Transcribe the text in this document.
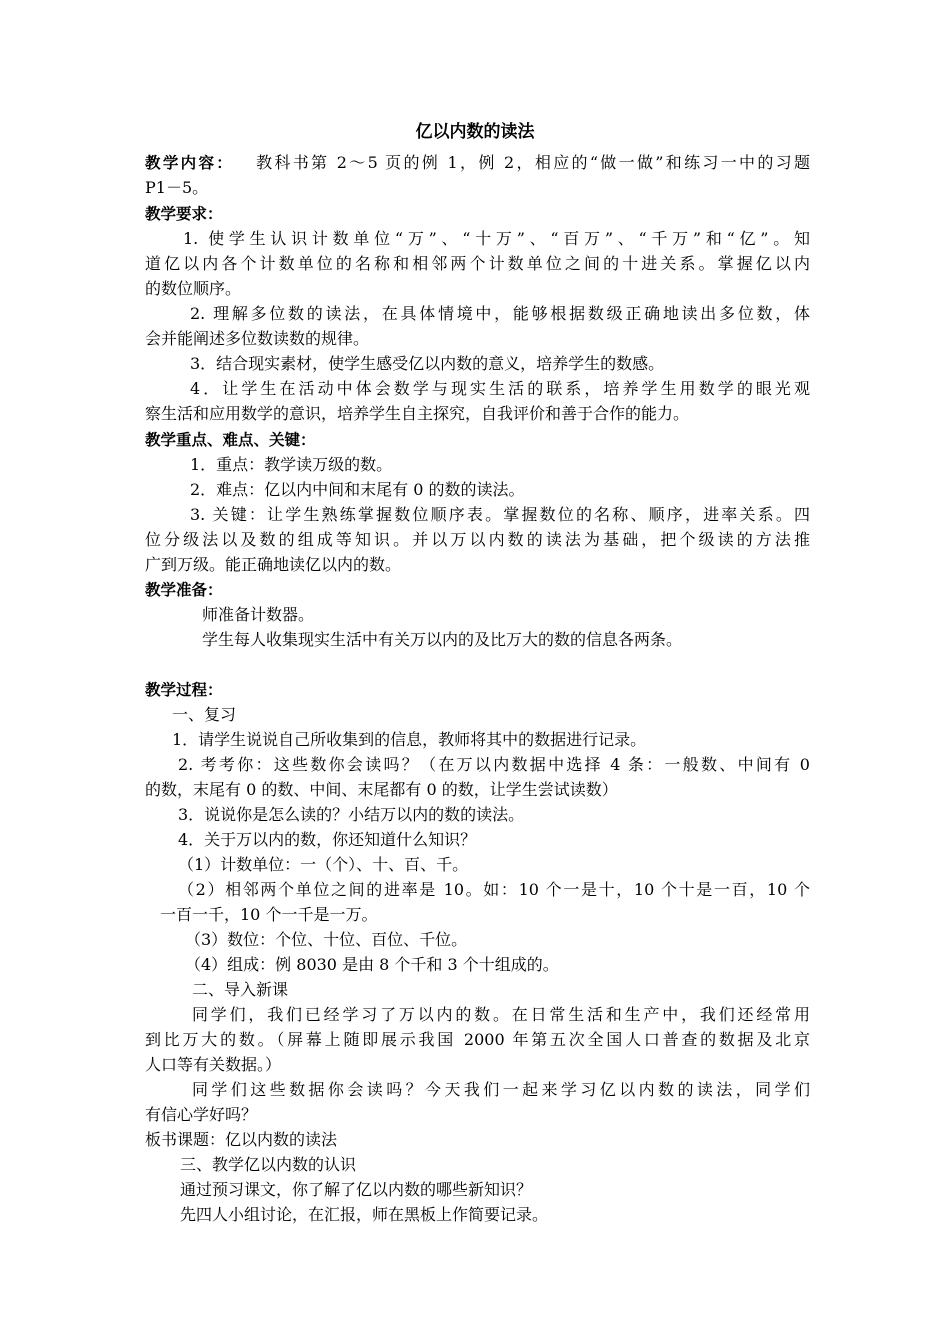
亿以内数的读法
教学内容： 教科书第 2～5 页的例 1，例 2，相应的“做一做”和练习一中的习题
P1－5。
教学要求：
1. 使学生认识计数单位“万”、“十万”、“百万”、“千万”和“亿”。知
道亿以内各个计数单位的名称和相邻两个计数单位之间的十进关系。掌握亿以内
的数位顺序。
2. 理解多位数的读法，在具体情境中，能够根据数级正确地读出多位数，体
会并能阐述多位数读数的规律。
3．结合现实素材，使学生感受亿以内数的意义，培养学生的数感。
4．让学生在活动中体会数学与现实生活的联系，培养学生用数学的眼光观
察生活和应用数学的意识，培养学生自主探究，自我评价和善于合作的能力。
教学重点、难点、关键：
1．重点：教学读万级的数。
2．难点：亿以内中间和末尾有 0 的数的读法。
3. 关键：让学生熟练掌握数位顺序表。掌握数位的名称、顺序，进率关系。四
位分级法以及数的组成等知识。并以万以内数的读法为基础，把个级读的方法推
广到万级。能正确地读亿以内的数。
教学准备：
师准备计数器。
学生每人收集现实生活中有关万以内的及比万大的数的信息各两条。
教学过程：
一、复习
1．请学生说说自己所收集到的信息，教师将其中的数据进行记录。
2. 考考你：这些数你会读吗？（在万以内数据中选择 4 条：一般数、中间有 0
的数，末尾有 0 的数、中间、末尾都有 0 的数，让学生尝试读数）
3．说说你是怎么读的？小结万以内的数的读法。
4．关于万以内的数，你还知道什么知识？
（1）计数单位：一（个）、十、百、千。
（2）相邻两个单位之间的进率是 10。如：10 个一是十，10 个十是一百，10 个
一百一千，10 个一千是一万。
（3）数位：个位、十位、百位、千位。
（4）组成：例 8030 是由 8 个千和 3 个十组成的。
二、导入新课
同学们，我们已经学习了万以内的数。在日常生活和生产中，我们还经常用
到比万大的数。（屏幕上随即展示我国 2000 年第五次全国人口普查的数据及北京
人口等有关数据。）
同学们这些数据你会读吗？今天我们一起来学习亿以内数的读法，同学们
有信心学好吗？
板书课题：亿以内数的读法
三、教学亿以内数的认识
通过预习课文，你了解了亿以内数的哪些新知识？
先四人小组讨论，在汇报，师在黑板上作简要记录。
